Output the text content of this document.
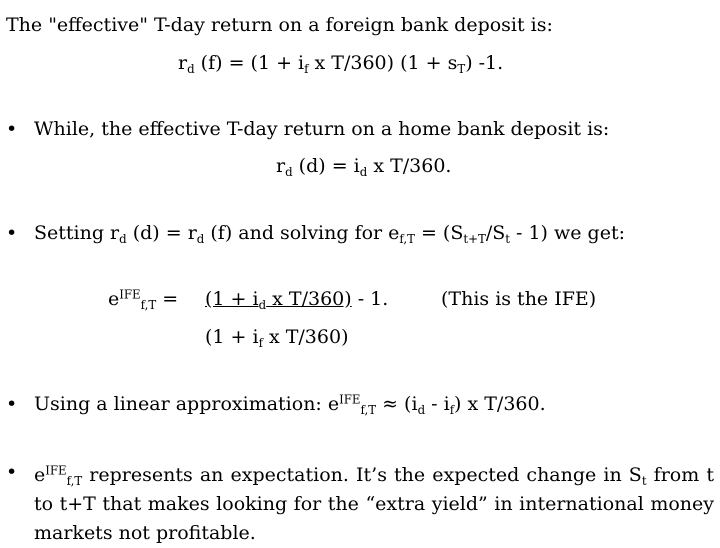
The "effective" T-day return on a foreign bank deposit is:
$r_d$ $(f) = (1 + i_f$ x T/360) $(1 + s_T)$ -1.
• While, the effective T-day return on a home bank deposit is:
$r_d$ $(d) = i_d$ x T/360.
• Setting $r_d$ $(d) = r_d$ (f) and solving for $e_{f,T} = (S_{t+T}/S_t - 1)$ we get:
$e^{IFE}_{f,T} = (1 + i_d$ x T/360) - 1.	(This is the IFE)
($1 + i_f$ x T/360)
• Using a linear approximation: $e^{IFE}_{f,T} \approx (i_d - i_f)$ x T/360.
• $e^{IFE}_{f,T}$ represents an expectation. It’s the expected change in $S_t$ from t to t+T that makes looking for the “extra yield” in international money markets not profitable.
